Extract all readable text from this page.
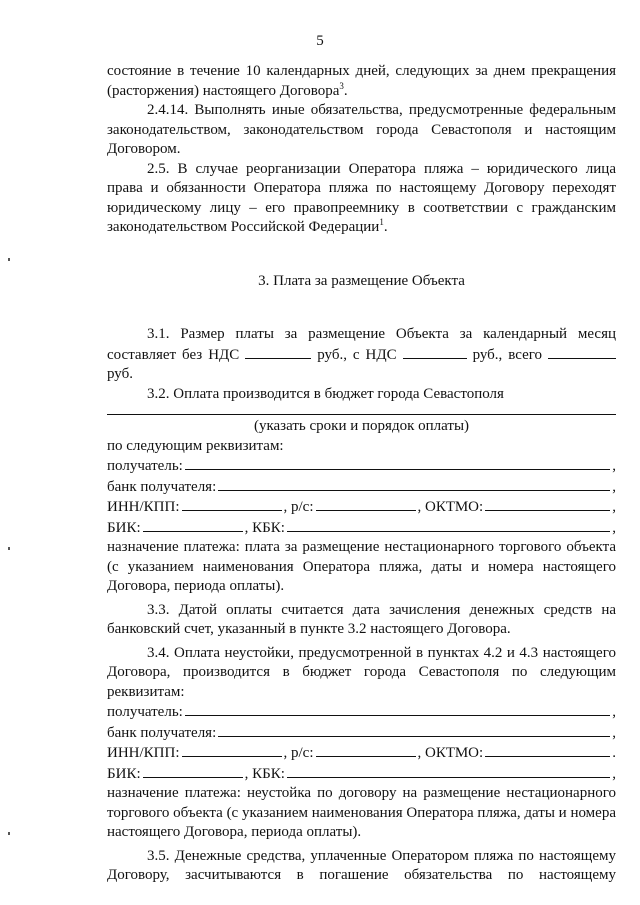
5

состояние в течение 10 календарных дней, следующих за днем прекращения (расторжения) настоящего Договора$^3$.

2.4.14. Выполнять иные обязательства, предусмотренные федеральным законодательством, законодательством города Севастополя и настоящим Договором.

2.5. В случае реорганизации Оператора пляжа – юридического лица права и обязанности Оператора пляжа по настоящему Договору переходят юридическому лицу – его правопреемнику в соответствии с гражданским законодательством Российской Федерации$^1$.

3. Плата за размещение Объекта

3.1. Размер платы за размещение Объекта за календарный месяц составляет без НДС	руб., с НДС	руб., всего  руб.

3.2. Оплата производится в бюджет города Севастополя

(указать сроки и порядок оплаты)

по следующим реквизитам:

получатель:	,
банк получателя:	,
ИНН/КПП:	, р/с:	, ОКТМО:	,
БИК:	, КБК:	,

назначение платежа: плата за размещение нестационарного торгового объекта (с указанием наименования Оператора пляжа, даты и номера настоящего Договора, периода оплаты).

3.3. Датой оплаты считается дата зачисления денежных средств на банковский счет, указанный в пункте 3.2 настоящего Договора.

3.4. Оплата неустойки, предусмотренной в пунктах 4.2 и 4.3 настоящего Договора, производится в бюджет города Севастополя по следующим реквизитам:

получатель:	,
банк получателя:	,
ИНН/КПП:	, р/с:	, ОКТМО:	.
БИК:	, КБК:	,

назначение платежа: неустойка по договору на размещение нестационарного торгового объекта (с указанием наименования Оператора пляжа, даты и номера настоящего Договора, периода оплаты).

3.5. Денежные средства, уплаченные Оператором пляжа по настоящему Договору, засчитываются в погашение обязательства по настоящему
